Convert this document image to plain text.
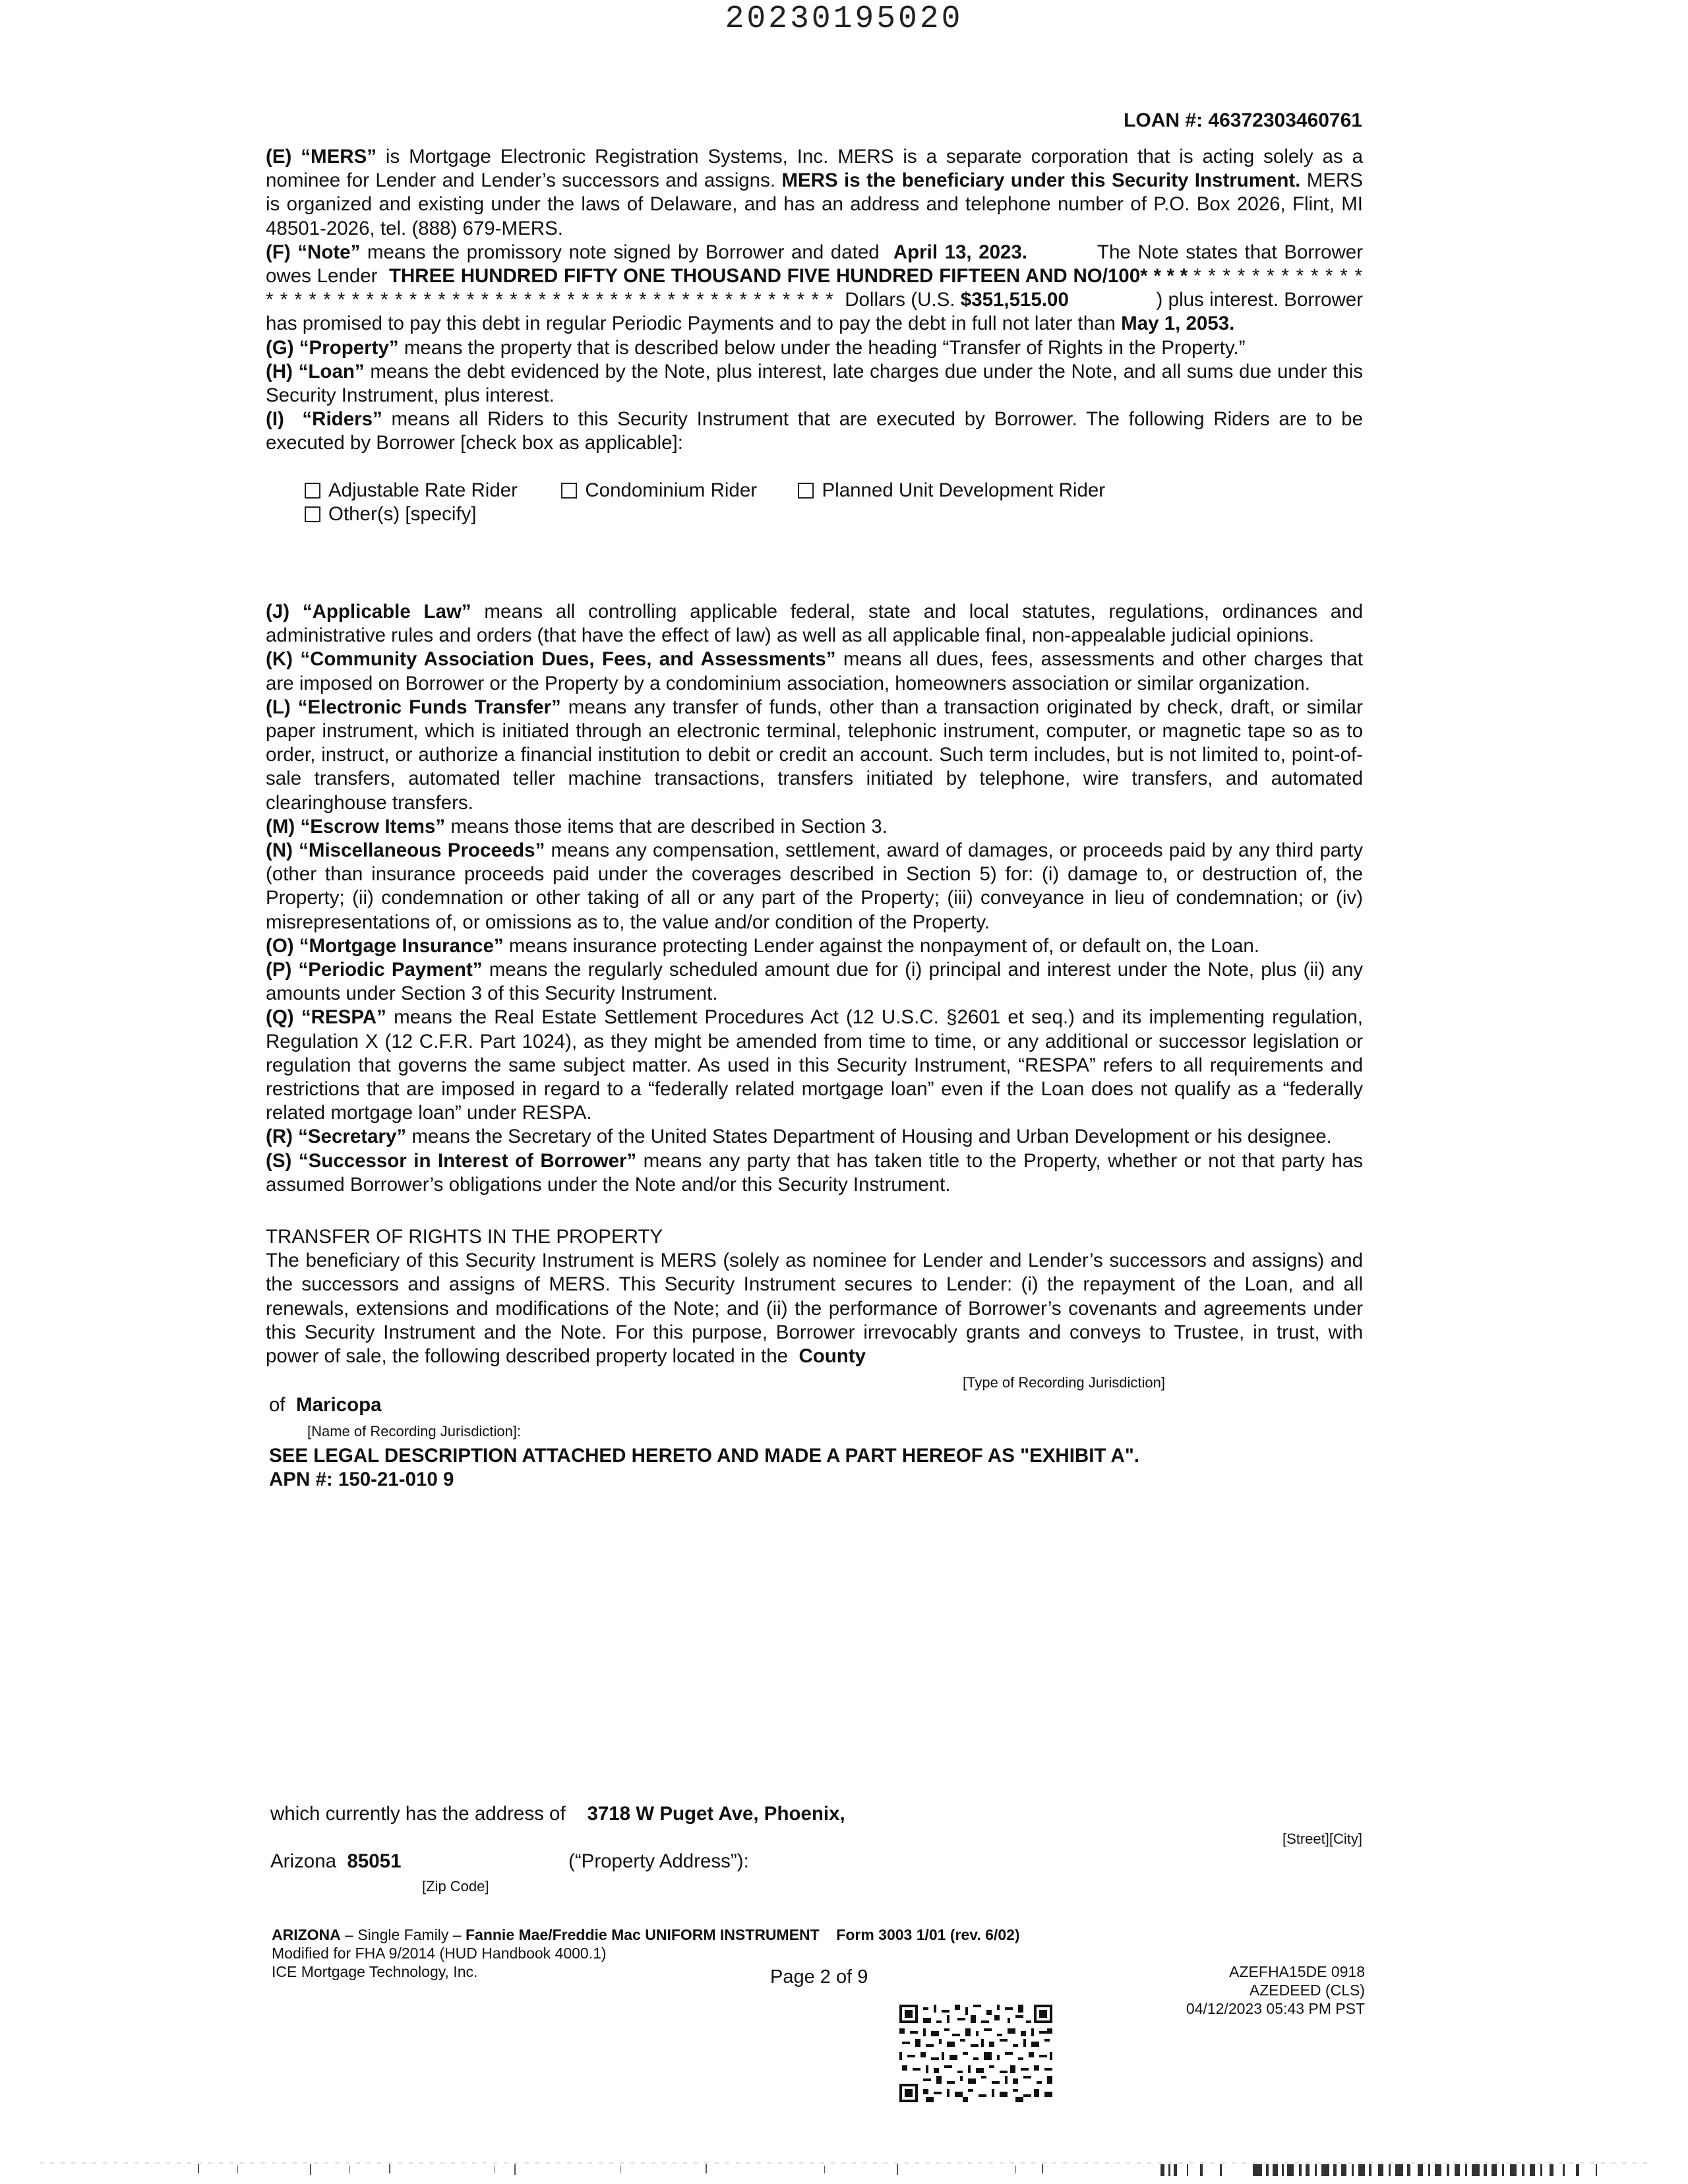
20230195020
LOAN #: 46372303460761

(E) “MERS” is Mortgage Electronic Registration Systems, Inc. MERS is a separate corporation that is acting solely as a nominee for Lender and Lender’s successors and assigns. MERS is the beneficiary under this Security Instrument. MERS is organized and existing under the laws of Delaware, and has an address and telephone number of P.O. Box 2026, Flint, MI 48501-2026, tel. (888) 679-MERS.

(F) “Note” means the promissory note signed by Borrower and dated April 13, 2023.	The Note states that Borrower owes Lender THREE HUNDRED FIFTY ONE THOUSAND FIVE HUNDRED FIFTEEN AND NO/100* * * * * * * * * * * * * * * * * * * * * * * * * * * * * * * * * * * * * * * * * * * * * * * * * * * * * * * * Dollars (U.S. $351,515.00	) plus interest. Borrower has promised to pay this debt in regular Periodic Payments and to pay the debt in full not later than May 1, 2053.

(G) “Property” means the property that is described below under the heading “Transfer of Rights in the Property.”

(H) “Loan” means the debt evidenced by the Note, plus interest, late charges due under the Note, and all sums due under this Security Instrument, plus interest.

(I) “Riders” means all Riders to this Security Instrument that are executed by Borrower. The following Riders are to be executed by Borrower [check box as applicable]:

Adjustable Rate Rider	Condominium Rider	Planned Unit Development Rider
Other(s) [specify]

(J) “Applicable Law” means all controlling applicable federal, state and local statutes, regulations, ordinances and administrative rules and orders (that have the effect of law) as well as all applicable final, non-appealable judicial opinions.

(K) “Community Association Dues, Fees, and Assessments” means all dues, fees, assessments and other charges that are imposed on Borrower or the Property by a condominium association, homeowners association or similar organization.

(L) “Electronic Funds Transfer” means any transfer of funds, other than a transaction originated by check, draft, or similar paper instrument, which is initiated through an electronic terminal, telephonic instrument, computer, or magnetic tape so as to order, instruct, or authorize a financial institution to debit or credit an account. Such term includes, but is not limited to, point-of-sale transfers, automated teller machine transactions, transfers initiated by telephone, wire transfers, and automated clearinghouse transfers.

(M) “Escrow Items” means those items that are described in Section 3.

(N) “Miscellaneous Proceeds” means any compensation, settlement, award of damages, or proceeds paid by any third party (other than insurance proceeds paid under the coverages described in Section 5) for: (i) damage to, or destruction of, the Property; (ii) condemnation or other taking of all or any part of the Property; (iii) conveyance in lieu of condemnation; or (iv) misrepresentations of, or omissions as to, the value and/or condition of the Property.

(O) “Mortgage Insurance” means insurance protecting Lender against the nonpayment of, or default on, the Loan.

(P) “Periodic Payment” means the regularly scheduled amount due for (i) principal and interest under the Note, plus (ii) any amounts under Section 3 of this Security Instrument.

(Q) “RESPA” means the Real Estate Settlement Procedures Act (12 U.S.C. §2601 et seq.) and its implementing regulation, Regulation X (12 C.F.R. Part 1024), as they might be amended from time to time, or any additional or successor legislation or regulation that governs the same subject matter. As used in this Security Instrument, “RESPA” refers to all requirements and restrictions that are imposed in regard to a “federally related mortgage loan” even if the Loan does not qualify as a “federally related mortgage loan” under RESPA.

(R) “Secretary” means the Secretary of the United States Department of Housing and Urban Development or his designee.

(S) “Successor in Interest of Borrower” means any party that has taken title to the Property, whether or not that party has assumed Borrower’s obligations under the Note and/or this Security Instrument.

TRANSFER OF RIGHTS IN THE PROPERTY

The beneficiary of this Security Instrument is MERS (solely as nominee for Lender and Lender’s successors and assigns) and the successors and assigns of MERS. This Security Instrument secures to Lender: (i) the repayment of the Loan, and all renewals, extensions and modifications of the Note; and (ii) the performance of Borrower’s covenants and agreements under this Security Instrument and the Note. For this purpose, Borrower irrevocably grants and conveys to Trustee, in trust, with power of sale, the following described property located in the County

[Type of Recording Jurisdiction]
of Maricopa
[Name of Recording Jurisdiction]:
SEE LEGAL DESCRIPTION ATTACHED HERETO AND MADE A PART HEREOF AS "EXHIBIT A".
APN #: 150-21-010 9
which currently has the address of 3718 W Puget Ave, Phoenix,
[Street][City]
Arizona 85051	(“Property Address”):
[Zip Code]
ARIZONA – Single Family – Fannie Mae/Freddie Mac UNIFORM INSTRUMENT Form 3003 1/01 (rev. 6/02)
Modified for FHA 9/2014 (HUD Handbook 4000.1)
ICE Mortgage Technology, Inc.	Page 2 of 9	AZEFHA15DE 0918
AZEDEED (CLS)
04/12/2023 05:43 PM PST
